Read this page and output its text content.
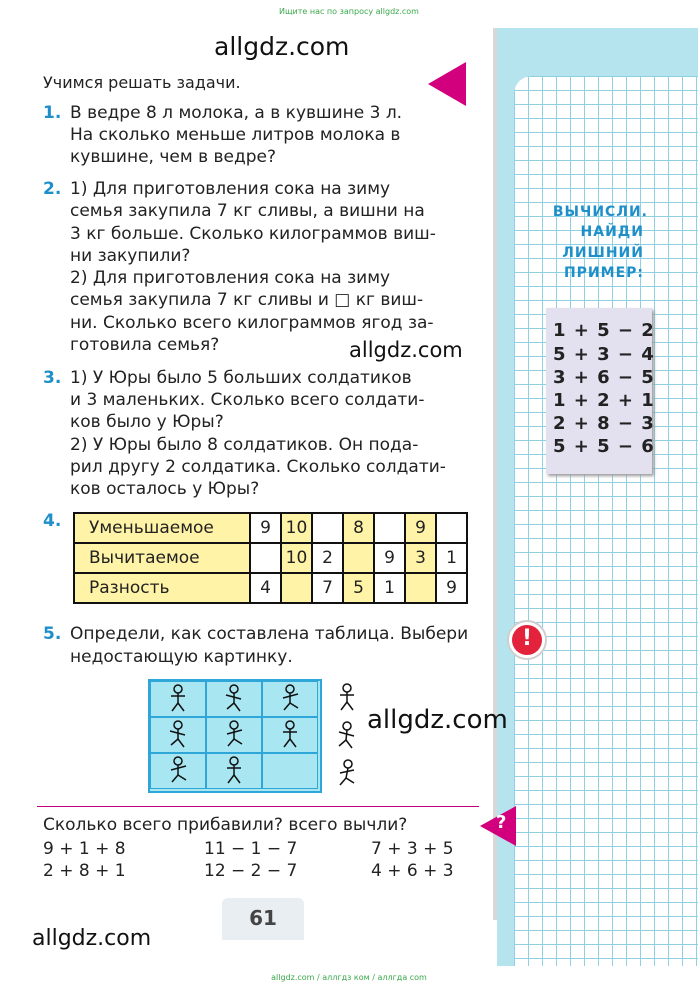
Ищите нас по запросу allgdz.com
allgdz.com
allgdz.com
allgdz.com
allgdz.com
Учимся решать задачи.
1. В ведре 8 л молока, а в кувшине 3 л.
На сколько меньше литров молока в
кувшине, чем в ведре?
2. 1) Для приготовления сока на зиму
семья закупила 7 кг сливы, а вишни на
3 кг больше. Сколько килограммов виш-
ни закупили?
2) Для приготовления сока на зиму
семья закупила 7 кг сливы и □ кг виш-
ни. Сколько всего килограммов ягод за-
готовила семья?
3. 1) У Юры было 5 больших солдатиков
и 3 маленьких. Сколько всего солдати-
ков было у Юры?
2) У Юры было 8 солдатиков. Он пода-
рил другу 2 солдатика. Сколько солдати-
ков осталось у Юры?
4. Уменьшаемое	9	10		8		9	
Вычитаемое		10	2		9	3	1
Разность	4		7	5	1		9
5. Определи, как составлена таблица. Выбери
недостающую картинку.
ВЫЧИСЛИ.
НАЙДИ
ЛИШНИЙ
ПРИМЕР:
1 + 5 − 2
5 + 3 − 4
3 + 6 − 5
1 + 2 + 1
2 + 8 − 3
5 + 5 − 6
!
?
Сколько всего прибавили? всего вычли?
9 + 1 + 8
2 + 8 + 1
11 − 1 − 7
12 − 2 − 7
7 + 3 + 5
4 + 6 + 3
61
allgdz.com / аллгдз ком / аллгда com
